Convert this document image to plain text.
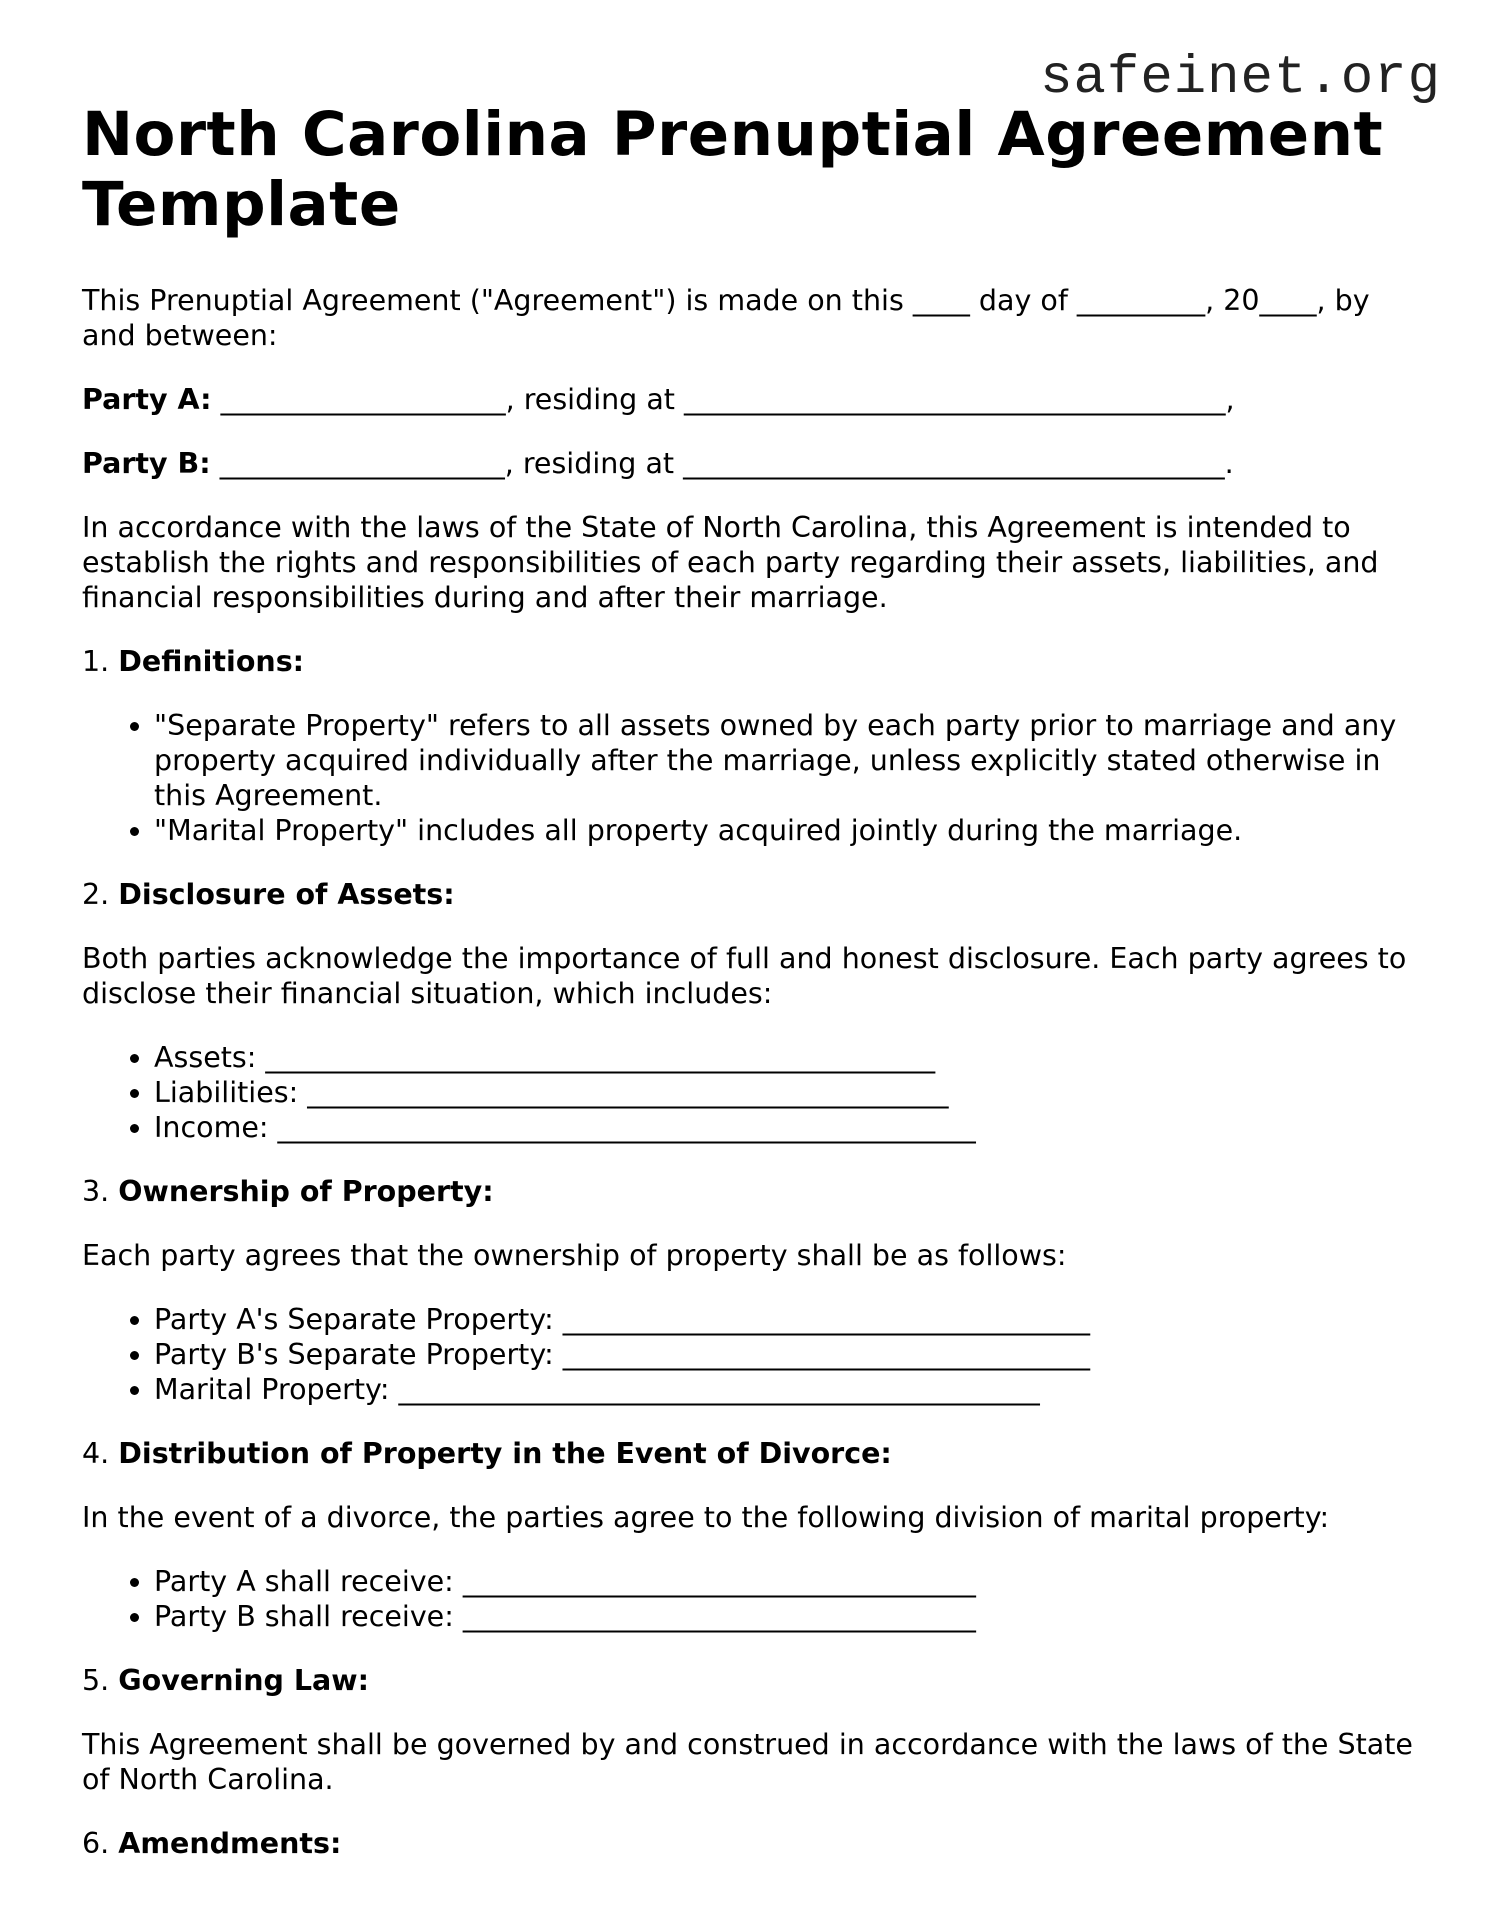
safeinet.org
North Carolina Prenuptial Agreement Template

This Prenuptial Agreement ("Agreement") is made on this ____ day of _________, 20____, by and between:

Party A: ____________________, residing at ______________________________________,

Party B: ____________________, residing at ______________________________________.

In accordance with the laws of the State of North Carolina, this Agreement is intended to establish the rights and responsibilities of each party regarding their assets, liabilities, and financial responsibilities during and after their marriage.

1. Definitions:
• "Separate Property" refers to all assets owned by each party prior to marriage and any property acquired individually after the marriage, unless explicitly stated otherwise in this Agreement.
• "Marital Property" includes all property acquired jointly during the marriage.
2. Disclosure of Assets:

Both parties acknowledge the importance of full and honest disclosure. Each party agrees to disclose their financial situation, which includes:

• Assets: _______________________________________________
• Liabilities: _____________________________________________
• Income: _________________________________________________
3. Ownership of Property:

Each party agrees that the ownership of property shall be as follows:

• Party A's Separate Property: _____________________________________
• Party B's Separate Property: _____________________________________
• Marital Property: _____________________________________________
4. Distribution of Property in the Event of Divorce:

In the event of a divorce, the parties agree to the following division of marital property:

• Party A shall receive: ____________________________________
• Party B shall receive: ____________________________________
5. Governing Law:

This Agreement shall be governed by and construed in accordance with the laws of the State of North Carolina.

6. Amendments:
